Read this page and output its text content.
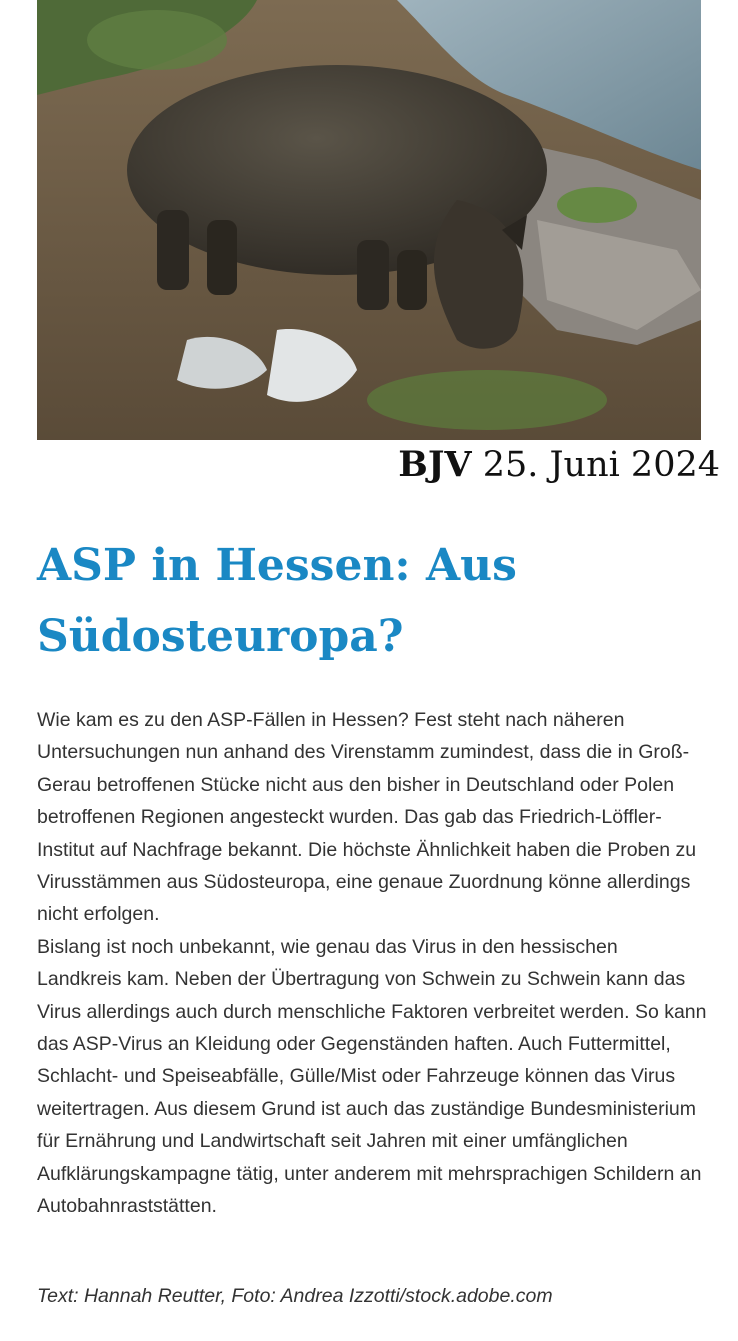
BJV 25. Juni 2024
ASP in Hessen: Aus Südosteuropa?

Wie kam es zu den ASP-Fällen in Hessen? Fest steht nach näheren Untersuchungen nun anhand des Virenstamm zumindest, dass die in Groß-Gerau betroffenen Stücke nicht aus den bisher in Deutschland oder Polen betroffenen Regionen angesteckt wurden. Das gab das Friedrich-Löffler-Institut auf Nachfrage bekannt. Die höchste Ähnlichkeit haben die Proben zu Virusstämmen aus Südosteuropa, eine genaue Zuordnung könne allerdings nicht erfolgen.

Bislang ist noch unbekannt, wie genau das Virus in den hessischen Landkreis kam. Neben der Übertragung von Schwein zu Schwein kann das Virus allerdings auch durch menschliche Faktoren verbreitet werden. So kann das ASP-Virus an Kleidung oder Gegenständen haften. Auch Futtermittel, Schlacht- und Speiseabfälle, Gülle/Mist oder Fahrzeuge können das Virus weitertragen. Aus diesem Grund ist auch das zuständige Bundesministerium für Ernährung und Landwirtschaft seit Jahren mit einer umfänglichen Aufklärungskampagne tätig, unter anderem mit mehrsprachigen Schildern an Autobahnraststätten.

Text: Hannah Reutter, Foto: Andrea Izzotti/stock.adobe.com
